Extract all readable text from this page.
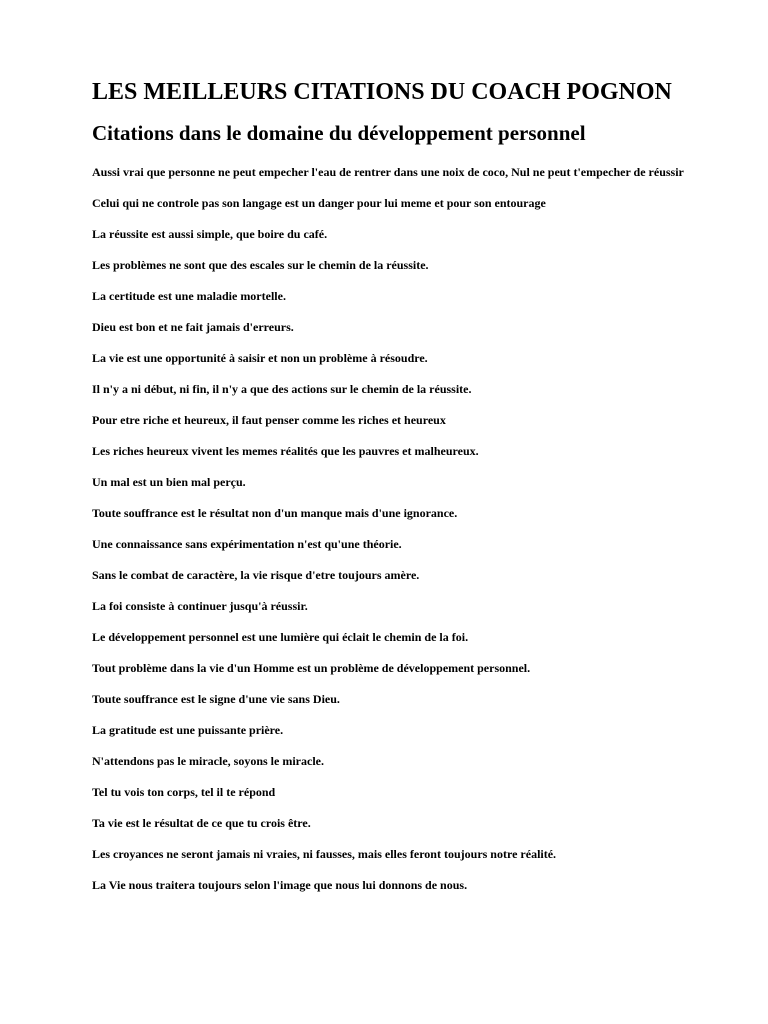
LES MEILLEURS CITATIONS DU COACH POGNON
Citations dans le domaine du développement personnel
Aussi vrai que personne ne peut empecher l'eau de rentrer dans une noix de coco, Nul ne peut t'empecher de réussir
Celui qui ne controle pas son langage est un danger pour lui meme et pour son entourage
La réussite est aussi simple, que boire du café.
Les problèmes ne sont que des escales sur le chemin de la réussite.
La certitude est une maladie mortelle.
Dieu est bon et ne fait jamais d'erreurs.
La vie est une opportunité à saisir et non un problème à résoudre.
Il n'y a ni début, ni fin, il n'y a que des actions sur le chemin de la réussite.
Pour etre riche et heureux, il faut penser comme les riches et heureux
Les riches heureux vivent les memes réalités que les pauvres et malheureux.
Un mal est un bien mal perçu.
Toute souffrance est le résultat non d'un manque mais d'une ignorance.
Une connaissance sans expérimentation n'est qu'une théorie.
Sans le combat de caractère, la vie risque d'etre toujours amère.
La foi consiste à continuer jusqu'à réussir.
Le développement personnel est une lumière qui éclait le chemin de la foi.
Tout problème dans la vie d'un Homme est un problème de développement personnel.
Toute souffrance est le signe d'une vie sans Dieu.
La gratitude est une puissante prière.
N'attendons pas le miracle, soyons le miracle.
Tel tu vois ton corps, tel il te répond
Ta vie est le résultat de ce que tu crois être.
Les croyances ne seront jamais ni vraies, ni fausses, mais elles feront toujours notre réalité.
La Vie nous traitera toujours selon l'image que nous lui donnons de nous.
